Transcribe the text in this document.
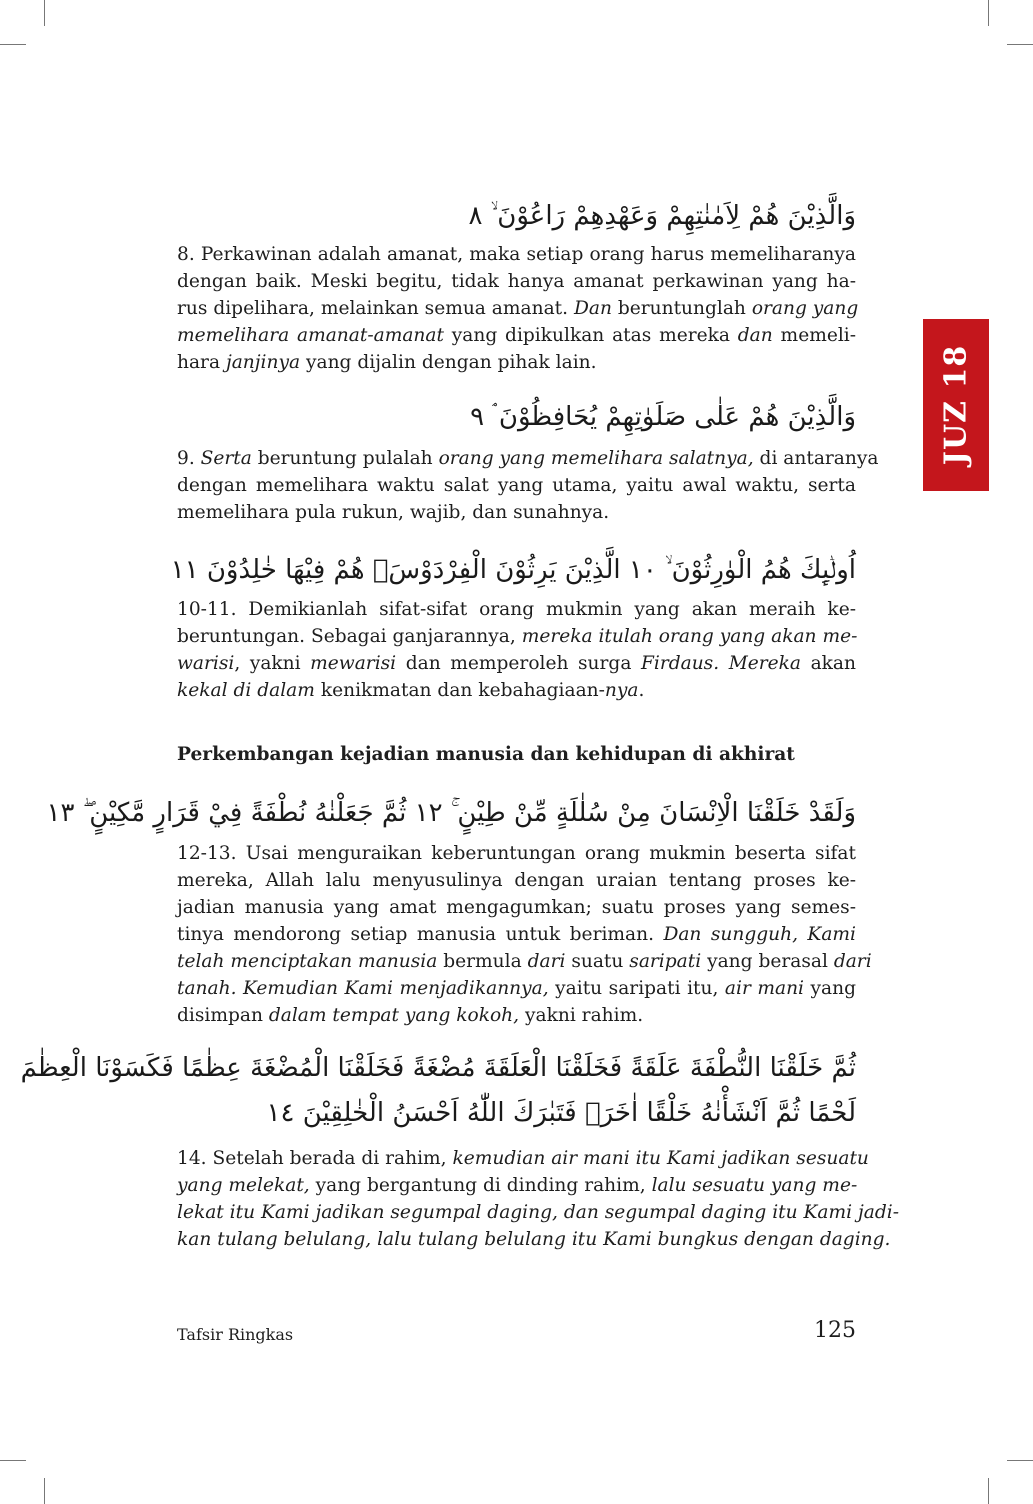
JUZ 18
وَالَّذِيْنَ هُمْ لِاَمٰنٰتِهِمْ وَعَهْدِهِمْ رَاعُوْنَ ۙ ٨
8. Perkawinan adalah amanat, maka setiap orang harus memeliharanya
dengan baik. Meski begitu, tidak hanya amanat perkawinan yang ha-
rus dipelihara, melainkan semua amanat. Dan beruntunglah orang yang
memelihara amanat-amanat yang dipikulkan atas mereka dan memeli-
hara janjinya yang dijalin dengan pihak lain.
وَالَّذِيْنَ هُمْ عَلٰى صَلَوٰتِهِمْ يُحَافِظُوْنَ ۘ ٩
9. Serta beruntung pulalah orang yang memelihara salatnya, di antaranya
dengan memelihara waktu salat yang utama, yaitu awal waktu, serta
memelihara pula rukun, wajib, dan sunahnya.
اُولٰۤىِٕكَ هُمُ الْوٰرِثُوْنَ ۙ ١٠ الَّذِيْنَ يَرِثُوْنَ الْفِرْدَوْسَۗ هُمْ فِيْهَا خٰلِدُوْنَ ١١
10-11. Demikianlah sifat-sifat orang mukmin yang akan meraih ke-
beruntungan. Sebagai ganjarannya, mereka itulah orang yang akan me-
warisi, yakni mewarisi dan memperoleh surga Firdaus. Mereka akan
kekal di dalam kenikmatan dan kebahagiaan-nya.
Perkembangan kejadian manusia dan kehidupan di akhirat
وَلَقَدْ خَلَقْنَا الْاِنْسَانَ مِنْ سُلٰلَةٍ مِّنْ طِيْنٍ ۚ ١٢ ثُمَّ جَعَلْنٰهُ نُطْفَةً فِيْ قَرَارٍ مَّكِيْنٍ ۖ ١٣
12-13. Usai menguraikan keberuntungan orang mukmin beserta sifat
mereka, Allah lalu menyusulinya dengan uraian tentang proses ke-
jadian manusia yang amat mengagumkan; suatu proses yang semes-
tinya mendorong setiap manusia untuk beriman. Dan sungguh, Kami
telah menciptakan manusia bermula dari suatu saripati yang berasal dari
tanah. Kemudian Kami menjadikannya, yaitu saripati itu, air mani yang
disimpan dalam tempat yang kokoh, yakni rahim.
ثُمَّ خَلَقْنَا النُّطْفَةَ عَلَقَةً فَخَلَقْنَا الْعَلَقَةَ مُضْغَةً فَخَلَقْنَا الْمُضْغَةَ عِظٰمًا فَكَسَوْنَا الْعِظٰمَ
لَحْمًا ثُمَّ اَنْشَأْنٰهُ خَلْقًا اٰخَرَۗ فَتَبٰرَكَ اللّٰهُ اَحْسَنُ الْخٰلِقِيْنَ ١٤
14. Setelah berada di rahim, kemudian air mani itu Kami jadikan sesuatu
yang melekat, yang bergantung di dinding rahim, lalu sesuatu yang me-
lekat itu Kami jadikan segumpal daging, dan segumpal daging itu Kami jadi-
kan tulang belulang, lalu tulang belulang itu Kami bungkus dengan daging.
Tafsir Ringkas	125
